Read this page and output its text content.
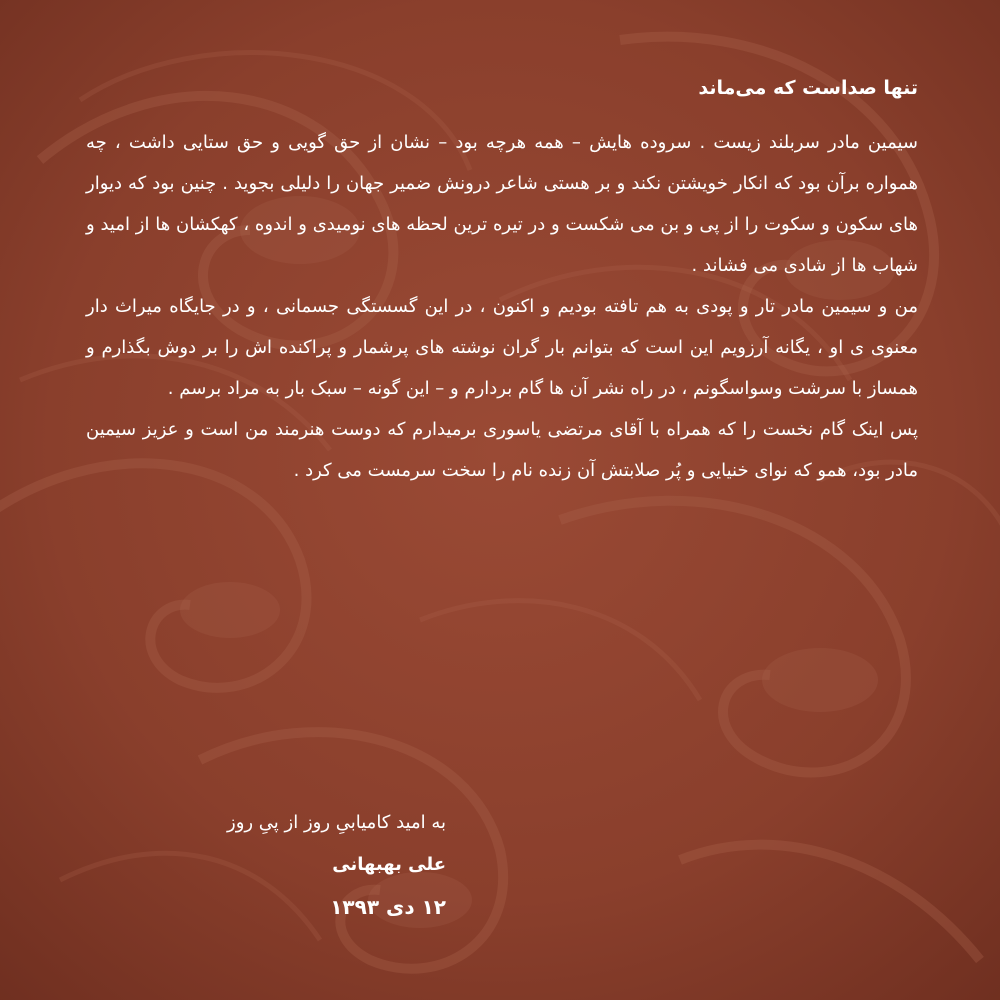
تنها صداست که می‌ماند

سیمین مادر سربلند زیست . سروده هایش – همه هرچه بود – نشان از حق گویی و حق ستایی داشت ، چه همواره برآن بود که انکار خویشتن نکند و بر هستی شاعر درونش ضمیر جهان را دلیلی بجوید . چنین بود که دیوار های سکون و سکوت را از پی و بن می شکست و در تیره ترین لحظه های نومیدی و اندوه ، کهکشان ها از امید و شهاب ها از شادی می فشاند .

من و سیمین مادر تار و پودی به هم تافته بودیم و اکنون ، در این گسستگی جسمانی ، و در جایگاه میراث دار معنوی ی او ، یگانه آرزویم این است که بتوانم بار گران نوشته های پرشمار و پراکنده اش را بر دوش بگذارم و همساز با سرشت وسواسگونم ، در راه نشر آن ها گام بردارم و – این گونه – سبک بار به مراد برسم .

پس اینک گام نخست را که همراه با آقای مرتضی یاسوری برمیدارم که دوست هنرمند من است و عزیز سیمین مادر بود، همو که نوای خنیایی و پُر صلابتش آن زنده نام را سخت سرمست می کرد .

به امید کامیابیِ روز از پیِ روز

علی بهبهانی

۱۲ دی ۱۳۹۳
